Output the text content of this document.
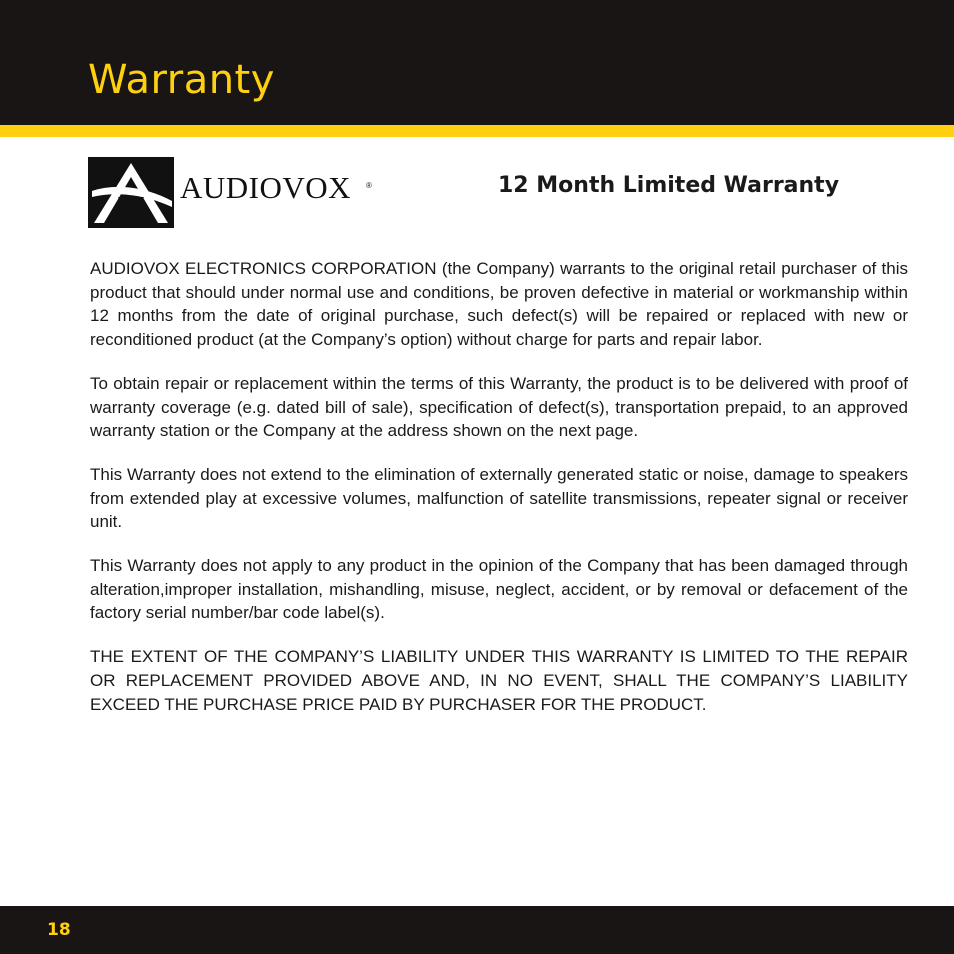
Warranty
AUDIOVOX ®	12 Month Limited Warranty

AUDIOVOX ELECTRONICS CORPORATION (the Company) warrants to the original retail purchaser of this product that should under normal use and conditions, be proven defective in material or workmanship within 12 months from the date of original purchase, such defect(s) will be repaired or replaced with new or reconditioned product (at the Company’s option) without charge for parts and repair labor.

To obtain repair or replacement within the terms of this Warranty, the product is to be delivered with proof of warranty coverage (e.g. dated bill of sale), specification of defect(s), transportation prepaid, to an approved warranty station or the Company at the address shown on the next page.

This Warranty does not extend to the elimination of externally generated static or noise, damage to speakers from extended play at excessive volumes, malfunction of satellite transmissions, repeater signal or receiver unit.

This Warranty does not apply to any product in the opinion of the Company that has been damaged through alteration,improper installation, mishandling, misuse, neglect, accident, or by removal or defacement of the factory serial number/bar code label(s).

THE EXTENT OF THE COMPANY’S LIABILITY UNDER THIS WARRANTY IS LIMITED TO THE REPAIR OR REPLACEMENT PROVIDED ABOVE AND, IN NO EVENT, SHALL THE COMPANY’S LIABILITY EXCEED THE PURCHASE PRICE PAID BY PURCHASER FOR THE PRODUCT.

18
